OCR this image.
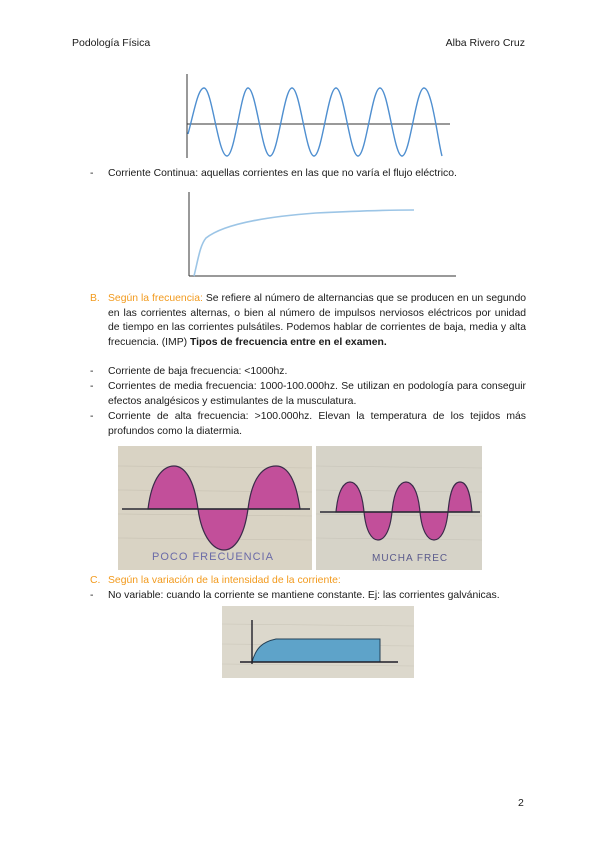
Podología Física	Alba Rivero Cruz
-	Corriente Continua: aquellas corrientes en las que no varía el flujo eléctrico.
B. Según la frecuencia: Se refiere al número de alternancias que se producen en un segundo en las corrientes alternas, o bien al número de impulsos nerviosos eléctricos por unidad de tiempo en las corrientes pulsátiles. Podemos hablar de corrientes de baja, media y alta frecuencia. (IMP) Tipos de frecuencia entre en el examen.
-	Corriente de baja frecuencia: <1000hz.
-	Corrientes de media frecuencia: 1000-100.000hz. Se utilizan en podología para conseguir efectos analgésicos y estimulantes de la musculatura.
-	Corriente de alta frecuencia: >100.000hz. Elevan la temperatura de los tejidos más profundos como la diatermia.
POCO FRECUENCIA	MUCHA FREC
C. Según la variación de la intensidad de la corriente:
-	No variable: cuando la corriente se mantiene constante. Ej: las corrientes galvánicas.
2
